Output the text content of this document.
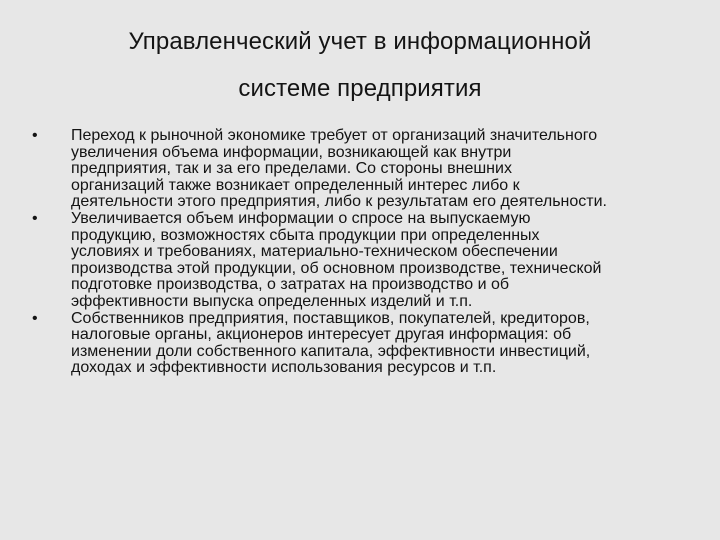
Управленческий учет в информационной
системе предприятия
• Переход к рыночной экономике требует от организаций значительного
увеличения объема информации, возникающей как внутри
предприятия, так и за его пределами. Со стороны внешних
организаций также возникает определенный интерес либо к
деятельности этого предприятия, либо к результатам его деятельности.
• Увеличивается объем информации о спросе на выпускаемую
продукцию, возможностях сбыта продукции при определенных
условиях и требованиях, материально-техническом обеспечении
производства этой продукции, об основном производстве, технической
подготовке производства, о затратах на производство и об
эффективности выпуска определенных изделий и т.п.
• Собственников предприятия, поставщиков, покупателей, кредиторов,
налоговые органы, акционеров интересует другая информация: об
изменении доли собственного капитала, эффективности инвестиций,
доходах и эффективности использования ресурсов и т.п.
